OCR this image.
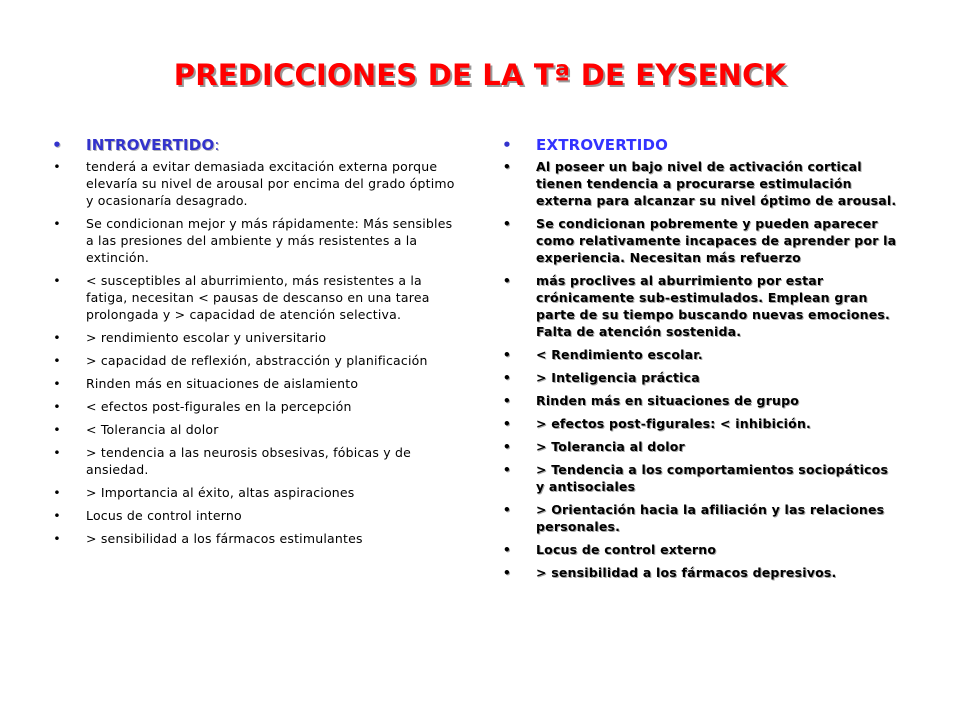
PREDICCIONES DE LA Tª DE EYSENCK
• INTROVERTIDO:
• tenderá a evitar demasiada excitación externa porque elevaría su nivel de arousal por encima del grado óptimo y ocasionaría desagrado.
• Se condicionan mejor y más rápidamente: Más sensibles a las presiones del ambiente y más resistentes a la extinción.
• < susceptibles al aburrimiento, más resistentes a la fatiga, necesitan < pausas de descanso en una tarea prolongada y > capacidad de atención selectiva.
• > rendimiento escolar y universitario
• > capacidad de reflexión, abstracción y planificación
• Rinden más en situaciones de aislamiento
• < efectos post-figurales en la percepción
• < Tolerancia al dolor
• > tendencia a las neurosis obsesivas, fóbicas y de ansiedad.
• > Importancia al éxito, altas aspiraciones
• Locus de control interno
• > sensibilidad a los fármacos estimulantes
• EXTROVERTIDO
• Al poseer un bajo nivel de activación cortical tienen tendencia a procurarse estimulación externa para alcanzar su nivel óptimo de arousal.
• Se condicionan pobremente y pueden aparecer como relativamente incapaces de aprender por la experiencia. Necesitan más refuerzo
• más proclives al aburrimiento por estar crónicamente sub-estimulados. Emplean gran parte de su tiempo buscando nuevas emociones. Falta de atención sostenida.
• < Rendimiento escolar.
• > Inteligencia práctica
• Rinden más en situaciones de grupo
• > efectos post-figurales: < inhibición.
• > Tolerancia al dolor
• > Tendencia a los comportamientos sociopáticos y antisociales
• > Orientación hacia la afiliación y las relaciones personales.
• Locus de control externo
• > sensibilidad a los fármacos depresivos.
